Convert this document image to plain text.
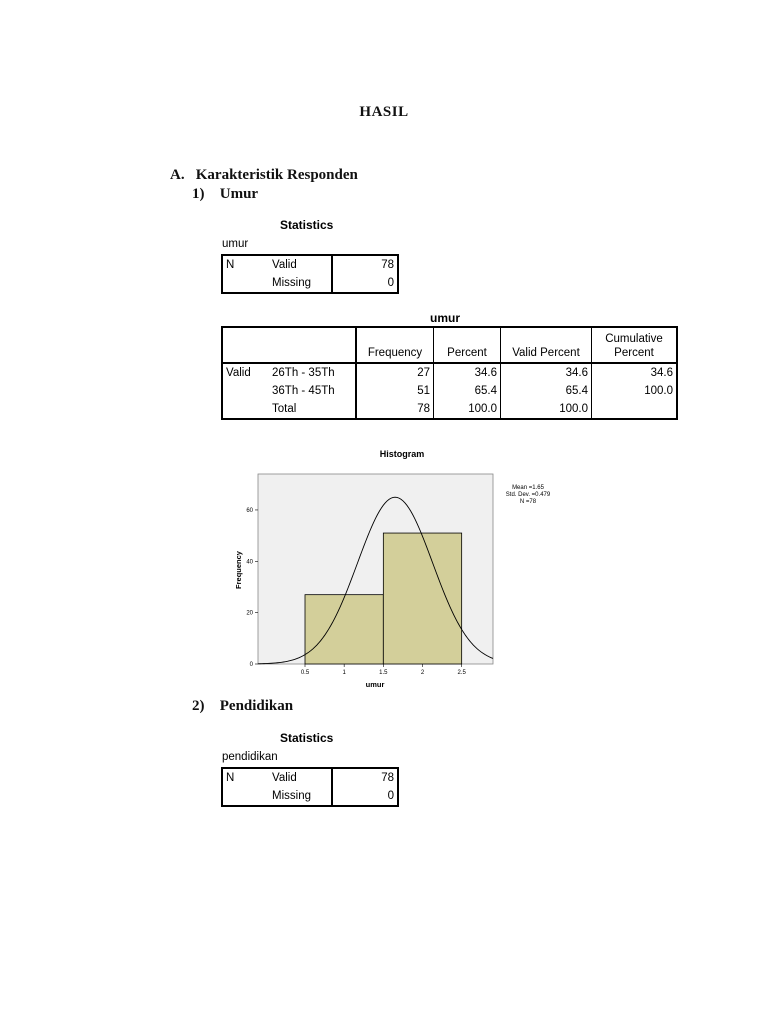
HASIL
A. Karakteristik Responden
1) Umur
Statistics
umur
N	Valid	78
	Missing	0
umur
		Frequency	Percent	Valid Percent	Cumulative
Percent

Valid	26Th - 35Th	27	34.6	34.6	34.6
	36Th - 45Th	51	65.4	65.4	100.0
	Total	78	100.0	100.0	
Histogram
0
20
40
60
0.5	1	1.5	2	2.5
Frequency
umur
Mean =1.65
Std. Dev. =0.479
N =78
2) Pendidikan
Statistics
pendidikan
N	Valid	78
	Missing	0
